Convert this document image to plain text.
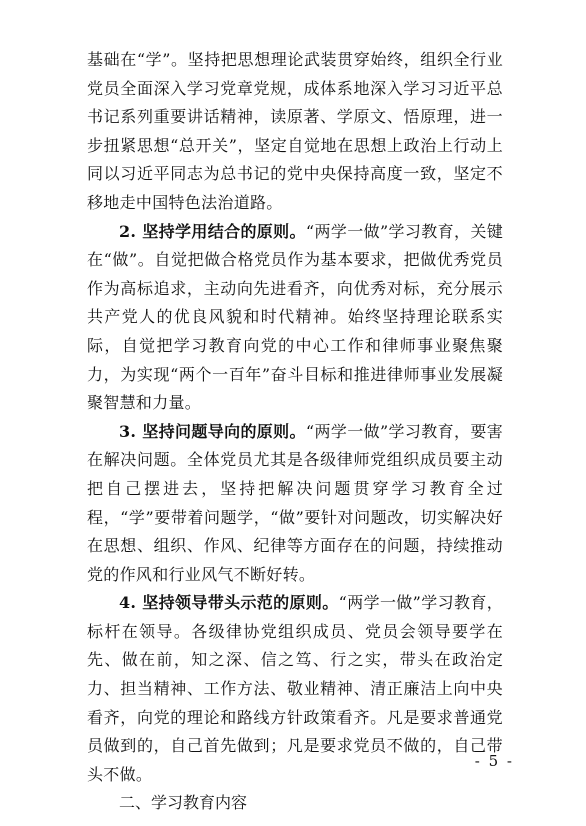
基础在“学”。坚持把思想理论武装贯穿始终，组织全行业党员全面深入学习党章党规，成体系地深入学习习近平总书记系列重要讲话精神，读原著、学原文、悟原理，进一步扭紧思想“总开关”，坚定自觉地在思想上政治上行动上同以习近平同志为总书记的党中央保持高度一致，坚定不移地走中国特色法治道路。

2. 坚持学用结合的原则。“两学一做”学习教育，关键在“做”。自觉把做合格党员作为基本要求，把做优秀党员作为高标追求，主动向先进看齐，向优秀对标，充分展示共产党人的优良风貌和时代精神。始终坚持理论联系实际，自觉把学习教育向党的中心工作和律师事业聚焦聚力，为实现“两个一百年”奋斗目标和推进律师事业发展凝聚智慧和力量。

3. 坚持问题导向的原则。“两学一做”学习教育，要害在解决问题。全体党员尤其是各级律师党组织成员要主动把自己摆进去，坚持把解决问题贯穿学习教育全过程，“学”要带着问题学，“做”要针对问题改，切实解决好在思想、组织、作风、纪律等方面存在的问题，持续推动党的作风和行业风气不断好转。

4. 坚持领导带头示范的原则。“两学一做”学习教育，标杆在领导。各级律协党组织成员、党员会领导要学在先、做在前，知之深、信之笃、行之实，带头在政治定力、担当精神、工作方法、敬业精神、清正廉洁上向中央看齐，向党的理论和路线方针政策看齐。凡是要求普通党员做到的，自己首先做到；凡是要求党员不做的，自己带头不做。

二、学习教育内容

- 5 -
